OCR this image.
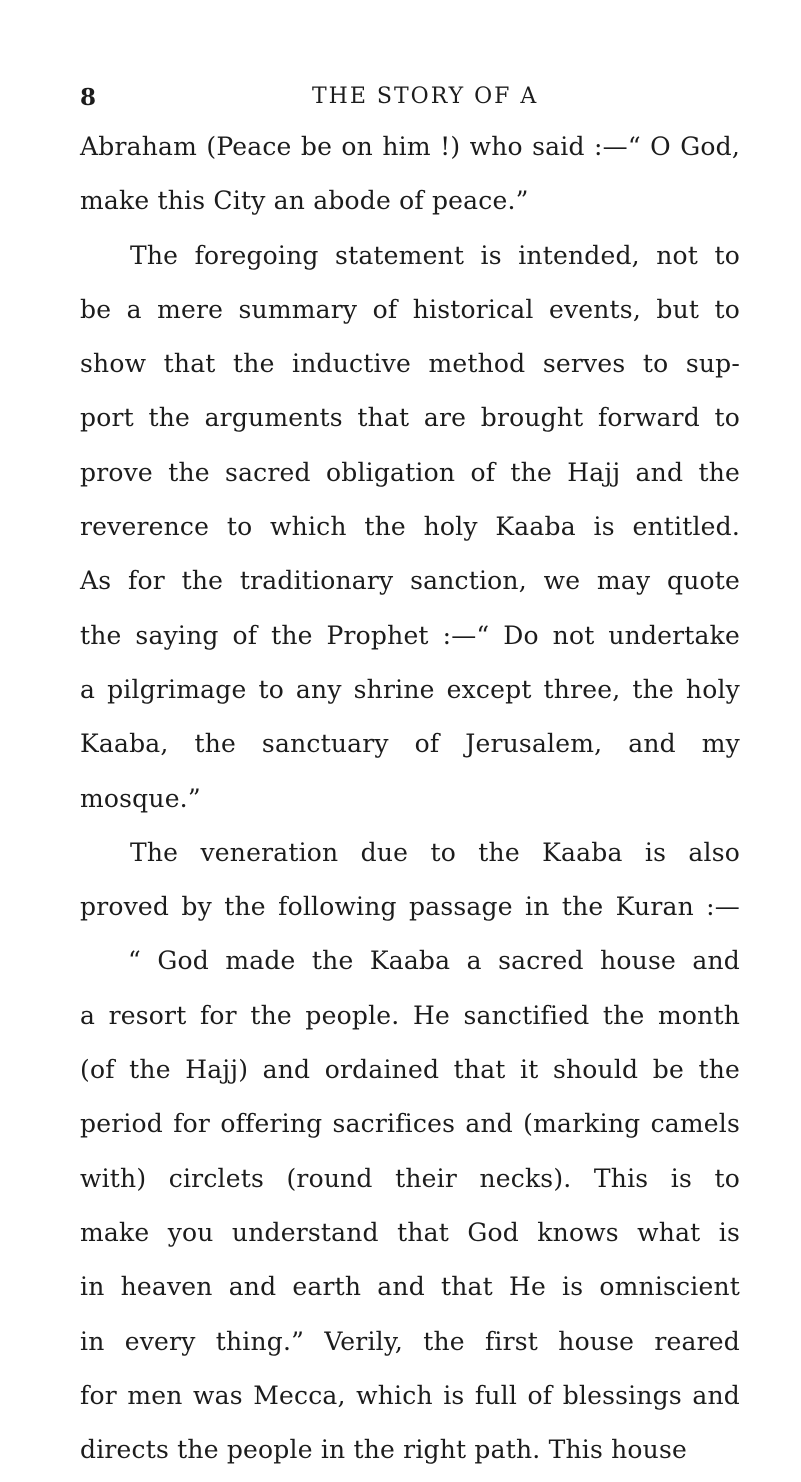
8	THE STORY OF A
Abraham (Peace be on him !) who said :—“ O God,
make this City an abode of peace.”
The foregoing statement is intended, not to
be a mere summary of historical events, but to
show that the inductive method serves to sup-
port the arguments that are brought forward to
prove the sacred obligation of the Hajj and the
reverence to which the holy Kaaba is entitled.
As for the traditionary sanction, we may quote
the saying of the Prophet :—“ Do not undertake
a pilgrimage to any shrine except three, the holy
Kaaba, the sanctuary of Jerusalem, and my
mosque.”
The veneration due to the Kaaba is also
proved by the following passage in the Kuran :—
“ God made the Kaaba a sacred house and
a resort for the people. He sanctified the month
(of the Hajj) and ordained that it should be the
period for offering sacrifices and (marking camels
with) circlets (round their necks). This is to
make you understand that God knows what is
in heaven and earth and that He is omniscient
in every thing.” Verily, the first house reared
for men was Mecca, which is full of blessings and
directs the people in the right path. This house
